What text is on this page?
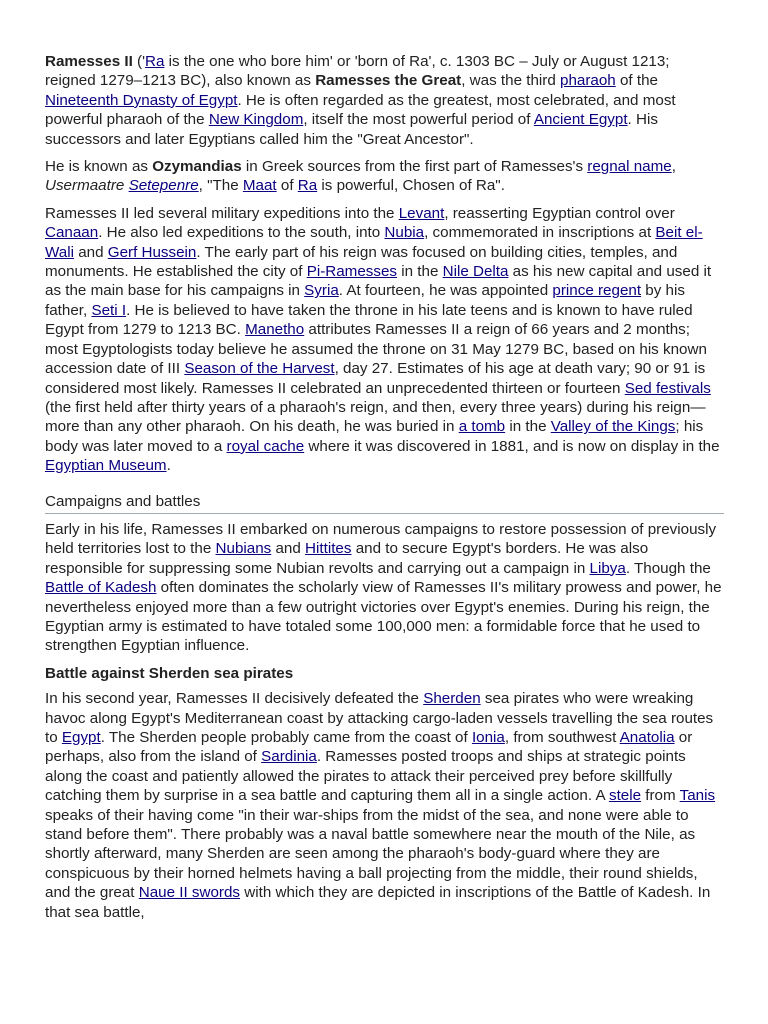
Ramesses II ('Ra is the one who bore him' or 'born of Ra', c. 1303 BC – July or August 1213; reigned 1279–1213 BC), also known as Ramesses the Great, was the third pharaoh of the Nineteenth Dynasty of Egypt. He is often regarded as the greatest, most celebrated, and most powerful pharaoh of the New Kingdom, itself the most powerful period of Ancient Egypt. His successors and later Egyptians called him the "Great Ancestor".

He is known as Ozymandias in Greek sources from the first part of Ramesses's regnal name, Usermaatre Setepenre, "The Maat of Ra is powerful, Chosen of Ra".

Ramesses II led several military expeditions into the Levant, reasserting Egyptian control over Canaan. He also led expeditions to the south, into Nubia, commemorated in inscriptions at Beit el-Wali and Gerf Hussein. The early part of his reign was focused on building cities, temples, and monuments. He established the city of Pi-Ramesses in the Nile Delta as his new capital and used it as the main base for his campaigns in Syria. At fourteen, he was appointed prince regent by his father, Seti I. He is believed to have taken the throne in his late teens and is known to have ruled Egypt from 1279 to 1213 BC. Manetho attributes Ramesses II a reign of 66 years and 2 months; most Egyptologists today believe he assumed the throne on 31 May 1279 BC, based on his known accession date of III Season of the Harvest, day 27. Estimates of his age at death vary; 90 or 91 is considered most likely. Ramesses II celebrated an unprecedented thirteen or fourteen Sed festivals (the first held after thirty years of a pharaoh's reign, and then, every three years) during his reign—more than any other pharaoh. On his death, he was buried in a tomb in the Valley of the Kings; his body was later moved to a royal cache where it was discovered in 1881, and is now on display in the Egyptian Museum.

Campaigns and battles

Early in his life, Ramesses II embarked on numerous campaigns to restore possession of previously held territories lost to the Nubians and Hittites and to secure Egypt's borders. He was also responsible for suppressing some Nubian revolts and carrying out a campaign in Libya. Though the Battle of Kadesh often dominates the scholarly view of Ramesses II's military prowess and power, he nevertheless enjoyed more than a few outright victories over Egypt's enemies. During his reign, the Egyptian army is estimated to have totaled some 100,000 men: a formidable force that he used to strengthen Egyptian influence.

Battle against Sherden sea pirates

In his second year, Ramesses II decisively defeated the Sherden sea pirates who were wreaking havoc along Egypt's Mediterranean coast by attacking cargo-laden vessels travelling the sea routes to Egypt. The Sherden people probably came from the coast of Ionia, from southwest Anatolia or perhaps, also from the island of Sardinia. Ramesses posted troops and ships at strategic points along the coast and patiently allowed the pirates to attack their perceived prey before skillfully catching them by surprise in a sea battle and capturing them all in a single action. A stele from Tanis speaks of their having come "in their war-ships from the midst of the sea, and none were able to stand before them". There probably was a naval battle somewhere near the mouth of the Nile, as shortly afterward, many Sherden are seen among the pharaoh's body-guard where they are conspicuous by their horned helmets having a ball projecting from the middle, their round shields, and the great Naue II swords with which they are depicted in inscriptions of the Battle of Kadesh. In that sea battle,
